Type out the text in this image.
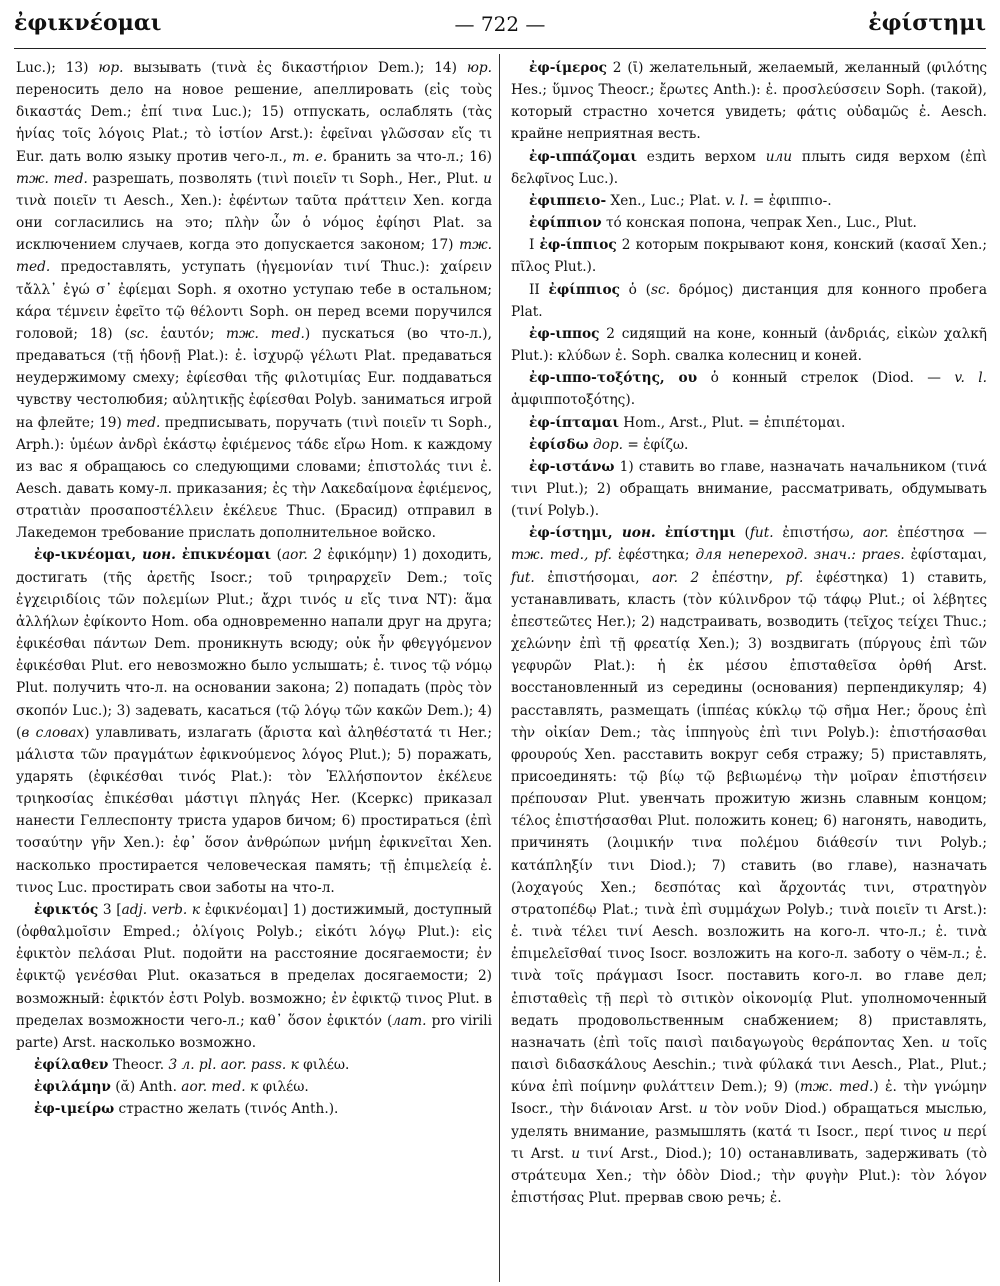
ἐφικνέομαι	— 722 —	ἐφίστημι

Luc.); 13) юр. вызывать (τινὰ ἐς δικαστήριον Dem.); 14) юр. переносить дело на новое решение, апеллировать (εἰς τοὺς δικαστάς Dem.; ἐπί τινα Luc.); 15) отпускать, ослаблять (τὰς ἡνίας τοῖς λόγοις Plat.; τὸ ἱστίον Arst.): ἐφεῖναι γλῶσσαν εἴς τι Eur. дать волю языку против чего-л., т. е. бранить за что-л.; 16) тж. med. разрешать, позволять (τινὶ ποιεῖν τι Soph., Her., Plut. и τινὰ ποιεῖν τι Aesch., Xen.): ἐφέντων ταῦτα πράττειν Xen. когда они согласились на это; πλὴν ὧν ὁ νόμος ἐφίησι Plat. за исключением случаев, когда это допускается законом; 17) тж. med. предоставлять, уступать (ἡγεμονίαν τινί Thuc.): χαίρειν τἄλλ᾽ ἐγώ σ᾽ ἐφίεμαι Soph. я охотно уступаю тебе в остальном; κάρα τέμνειν ἐφεῖτο τῷ θέλοντι Soph. он перед всеми поручился головой; 18) (sc. ἑαυτόν; тж. med.) пускаться (во что-л.), предаваться (τῇ ἡδονῇ Plat.): ἐ. ἰσχυρῷ γέλωτι Plat. предаваться неудержимому смеху; ἐφίεσθαι τῆς φιλοτιμίας Eur. поддаваться чувству честолюбия; αὐλητικῇς ἐφίεσθαι Polyb. заниматься игрой на флейте; 19) med. предписывать, поручать (τινὶ ποιεῖν τι Soph., Arph.): ὑμέων ἀνδρὶ ἑκάστῳ ἐφιέμενος τάδε εἴρω Hom. к каждому из вас я обращаюсь со следующими словами; ἐπιστολάς τινι ἐ. Aesch. давать кому-л. приказания; ἐς τὴν Λακεδαίμονα ἐφιέμενος, στρατιὰν προσαποστέλλειν ἐκέλευε Thuc. (Брасид) отправил в Лакедемон требование прислать дополнительное войско.

ἐφ-ικνέομαι, ион. ἐπικνέομαι (aor. 2 ἐφικόμην) 1) доходить, достигать (τῆς ἀρετῆς Isocr.; τοῦ τριηραρχεῖν Dem.; τοῖς ἐγχειριδίοις τῶν πολεμίων Plut.; ἄχρι τινός и εἴς τινα NT): ἅμα ἀλλήλων ἐφίκοντο Hom. оба одновременно напали друг на друга; ἐφικέσθαι πάντων Dem. проникнуть всюду; οὐκ ἦν φθεγγόμενον ἐφικέσθαι Plut. его невозможно было услышать; ἐ. τινος τῷ νόμῳ Plut. получить что-л. на основании закона; 2) попадать (πρὸς τὸν σκοπόν Luc.); 3) задевать, касаться (τῷ λόγῳ τῶν κακῶν Dem.); 4) (в словах) улавливать, излагать (ἄριστα καὶ ἀληθέστατά τι Her.; μάλιστα τῶν πραγμάτων ἐφικνούμενος λόγος Plut.); 5) поражать, ударять (ἐφικέσθαι τινός Plat.): τὸν Ἑλλήσποντον ἐκέλευε τριηκοσίας ἐπικέσθαι μάστιγι πληγάς Her. (Ксеркс) приказал нанести Геллеспонту триста ударов бичом; 6) простираться (ἐπὶ τοσαύτην γῆν Xen.): ἐφ᾽ ὅσον ἀνθρώπων μνήμη ἐφικνεῖται Xen. насколько простирается человеческая память; τῇ ἐπιμελείᾳ ἐ. τινος Luc. простирать свои заботы на что-л.

ἐφικτός 3 [adj. verb. к ἐφικνέομαι] 1) достижимый, доступный (ὀφθαλμοῖσιν Emped.; ὀλίγοις Polyb.; εἰκότι λόγῳ Plut.): εἰς ἐφικτὸν πελάσαι Plut. подойти на расстояние досягаемости; ἐν ἐφικτῷ γενέσθαι Plut. оказаться в пределах досягаемости; 2) возможный: ἐφικτόν ἐστι Polyb. возможно; ἐν ἐφικτῷ τινος Plut. в пределах возможности чего-л.; καθ᾽ ὅσον ἐφικτόν (лат. pro virili parte) Arst. насколько возможно.

ἐφίλαθεν Theocr. 3 л. pl. aor. pass. к φιλέω.

ἐφιλάμην (ᾰ) Anth. aor. med. к φιλέω.

ἐφ-ιμείρω страстно желать (τινός Anth.).

ἐφ-ίμερος 2 (ῑ) желательный, желаемый, желанный (φιλότης Hes.; ὕμνος Theocr.; ἔρωτες Anth.): ἐ. προσλεύσσειν Soph. (такой), который страстно хочется увидеть; φάτις οὐδαμῶς ἐ. Aesch. крайне неприятная весть.

ἐφ-ιππάζομαι ездить верхом или плыть сидя верхом (ἐπὶ δελφῖνος Luc.).

ἐφιππειο- Xen., Luc.; Plat. v. l. = ἐφιππιο-.

ἐφίππιον τό конская попона, чепрак Xen., Luc., Plut.

I ἐφ-ίππιος 2 которым покрывают коня, конский (κασαῖ Xen.; πῖλος Plut.).

II ἐφίππιος ὁ (sc. δρόμος) дистанция для конного пробега Plat.

ἐφ-ιππος 2 сидящий на коне, конный (ἀνδριάς, εἰκὼν χαλκῆ Plut.): κλύδων ἐ. Soph. свалка колесниц и коней.

ἐφ-ιππο-τοξότης, ου ὁ конный стрелок (Diod. — v. l. ἀμφιπποτοξότης).

ἐφ-ίπταμαι Hom., Arst., Plut. = ἐπιπέτομαι.

ἐφίσδω дор. = ἐφίζω.

ἐφ-ιστάνω 1) ставить во главе, назначать начальником (τινά τινι Plut.); 2) обращать внимание, рассматривать, обдумывать (τινί Polyb.).

ἐφ-ίστημι, ион. ἐπίστημι (fut. ἐπιστήσω, aor. ἐπέστησα — тж. med., pf. ἐφέστηκα; для непереход. знач.: praes. ἐφίσταμαι, fut. ἐπιστήσομαι, aor. 2 ἐπέστην, pf. ἐφέστηκα) 1) ставить, устанавливать, класть (τὸν κύλινδρον τῷ τάφῳ Plut.; οἱ λέβητες ἐπεστεῶτες Her.); 2) надстраивать, возводить (τεῖχος τείχει Thuc.; χελώνην ἐπὶ τῇ φρεατίᾳ Xen.); 3) воздвигать (πύργους ἐπὶ τῶν γεφυρῶν Plat.): ἡ ἐκ μέσου ἐπισταθεῖσα ὀρθή Arst. восстановленный из середины (основания) перпендикуляр; 4) расставлять, размещать (ἱππέας κύκλῳ τῷ σῆμα Her.; ὅρους ἐπὶ τὴν οἰκίαν Dem.; τὰς ἱππηγοὺς ἐπὶ τινι Polyb.): ἐπιστήσασθαι φρουρούς Xen. расставить вокруг себя стражу; 5) приставлять, присоединять: τῷ βίῳ τῷ βεβιωμένῳ τὴν μοῖραν ἐπιστήσειν πρέπουσαν Plut. увенчать прожитую жизнь славным концом; τέλος ἐπιστήσασθαι Plut. положить конец; 6) нагонять, наводить, причинять (λοιμικήν τινα πολέμου διάθεσίν τινι Polyb.; κατάπληξίν τινι Diod.); 7) ставить (во главе), назначать (λοχαγούς Xen.; δεσπότας καὶ ἄρχοντάς τινι, στρατηγὸν στρατοπέδῳ Plat.; τινὰ ἐπὶ συμμάχων Polyb.; τινὰ ποιεῖν τι Arst.): ἐ. τινὰ τέλει τινί Aesch. возложить на кого-л. что-л.; ἐ. τινὰ ἐπιμελεῖσθαί τινος Isocr. возложить на кого-л. заботу о чём-л.; ἐ. τινὰ τοῖς πράγμασι Isocr. поставить кого-л. во главе дел; ἐπισταθεὶς τῇ περὶ τὸ σιτικὸν οἰκονομίᾳ Plut. уполномоченный ведать продовольственным снабжением; 8) приставлять, назначать (ἐπὶ τοῖς παισὶ παιδαγωγοὺς θεράποντας Xen. и τοῖς παισὶ διδασκάλους Aeschin.; τινὰ φύλακά τινι Aesch., Plat., Plut.; κύνα ἐπὶ ποίμνην φυλάττειν Dem.); 9) (тж. med.) ἐ. τὴν γνώμην Isocr., τὴν διάνοιαν Arst. и τὸν νοῦν Diod.) обращаться мыслью, уделять внимание, размышлять (κατά τι Isocr., περί τινος и περί τι Arst. и τινί Arst., Diod.); 10) останавливать, задерживать (τὸ στράτευμα Xen.; τὴν ὁδὸν Diod.; τὴν φυγὴν Plut.): τὸν λόγον ἐπιστήσας Plut. прервав свою речь; ἐ.
